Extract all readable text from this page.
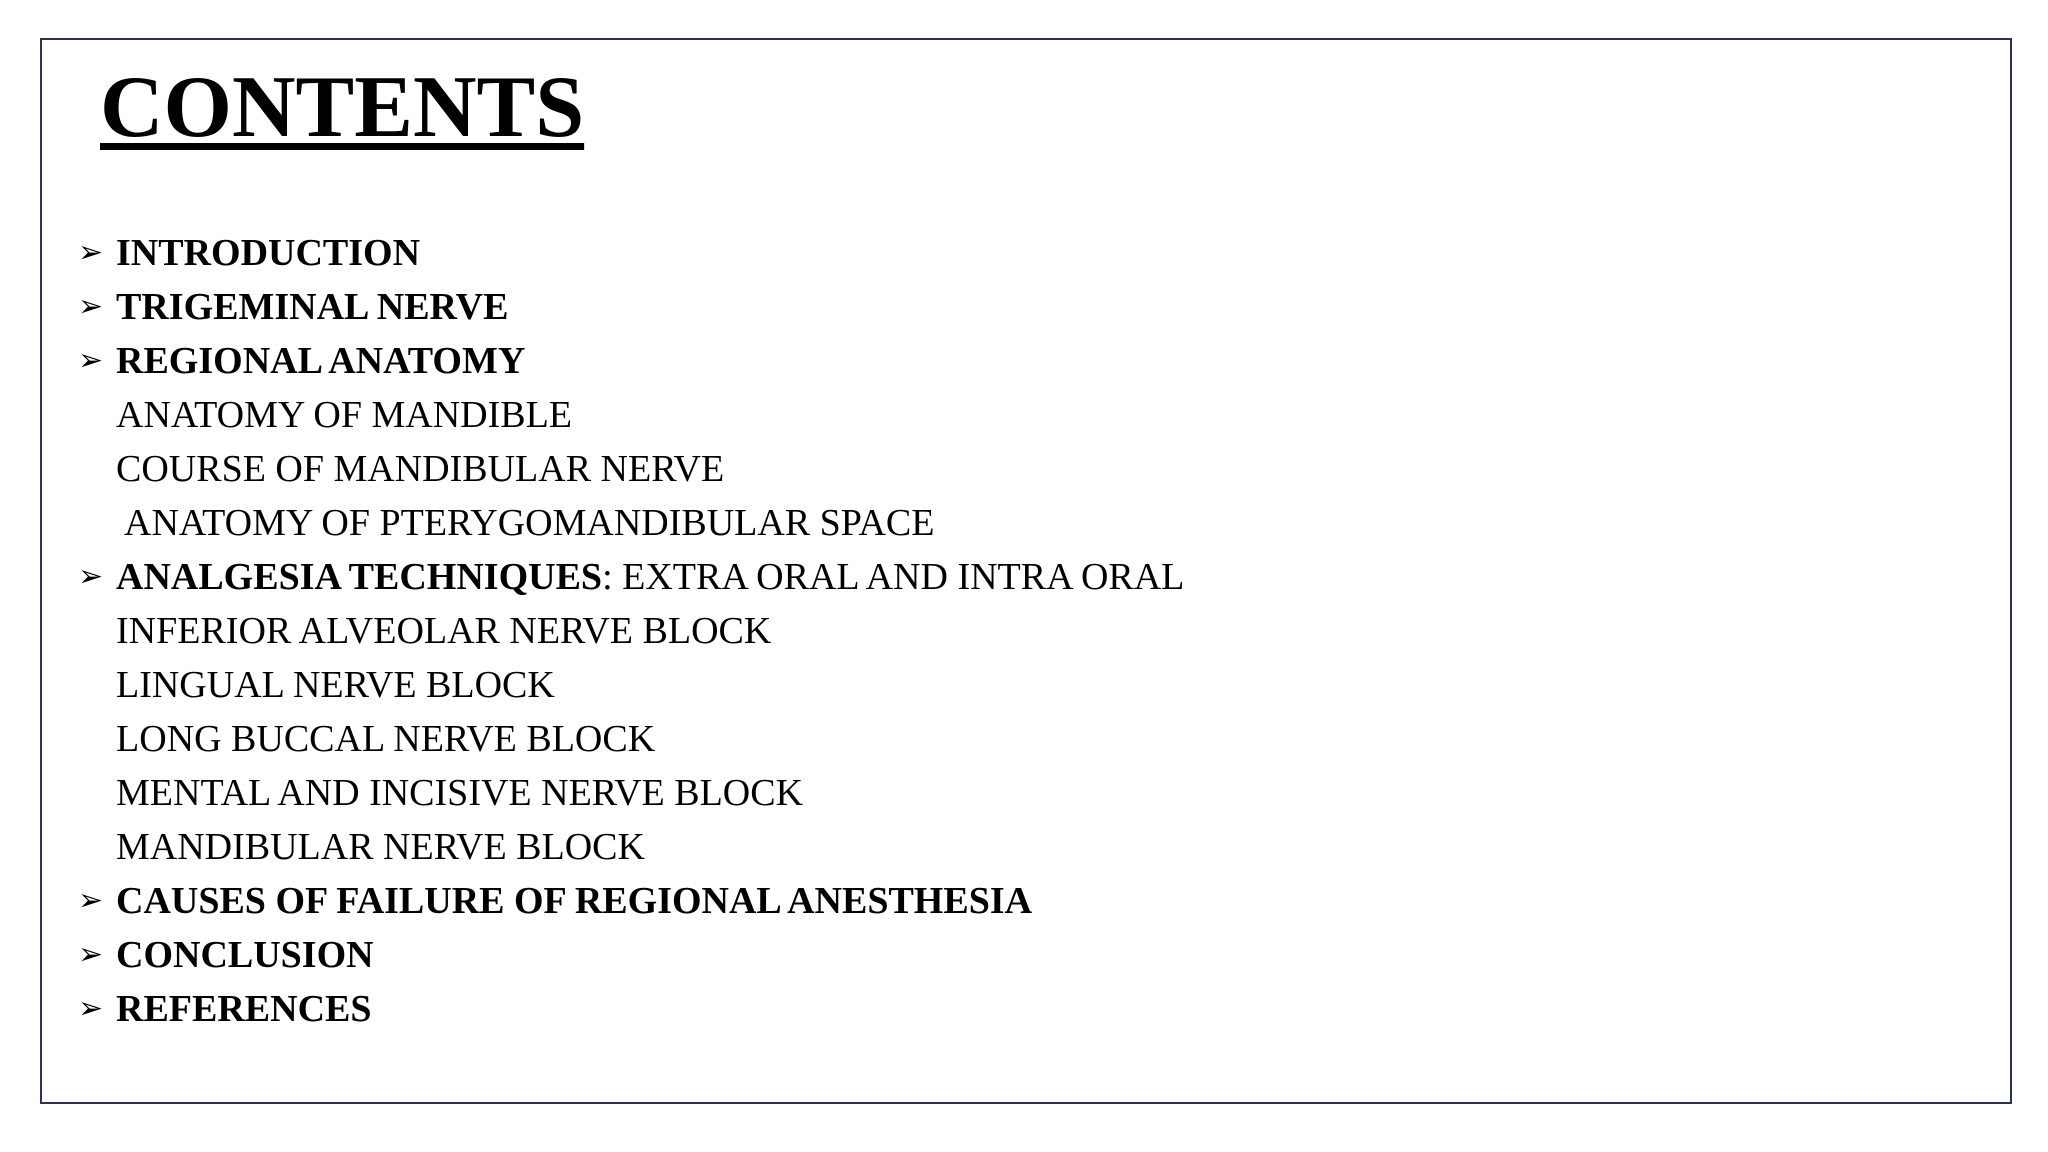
CONTENTS
➢ INTRODUCTION
➢ TRIGEMINAL NERVE
➢ REGIONAL ANATOMY
ANATOMY OF MANDIBLE
COURSE OF MANDIBULAR NERVE
ANATOMY OF PTERYGOMANDIBULAR SPACE
➢ ANALGESIA TECHNIQUES: EXTRA ORAL AND INTRA ORAL
INFERIOR ALVEOLAR NERVE BLOCK
LINGUAL NERVE BLOCK
LONG BUCCAL NERVE BLOCK
MENTAL AND INCISIVE NERVE BLOCK
MANDIBULAR NERVE BLOCK
➢ CAUSES OF FAILURE OF REGIONAL ANESTHESIA
➢ CONCLUSION
➢ REFERENCES
